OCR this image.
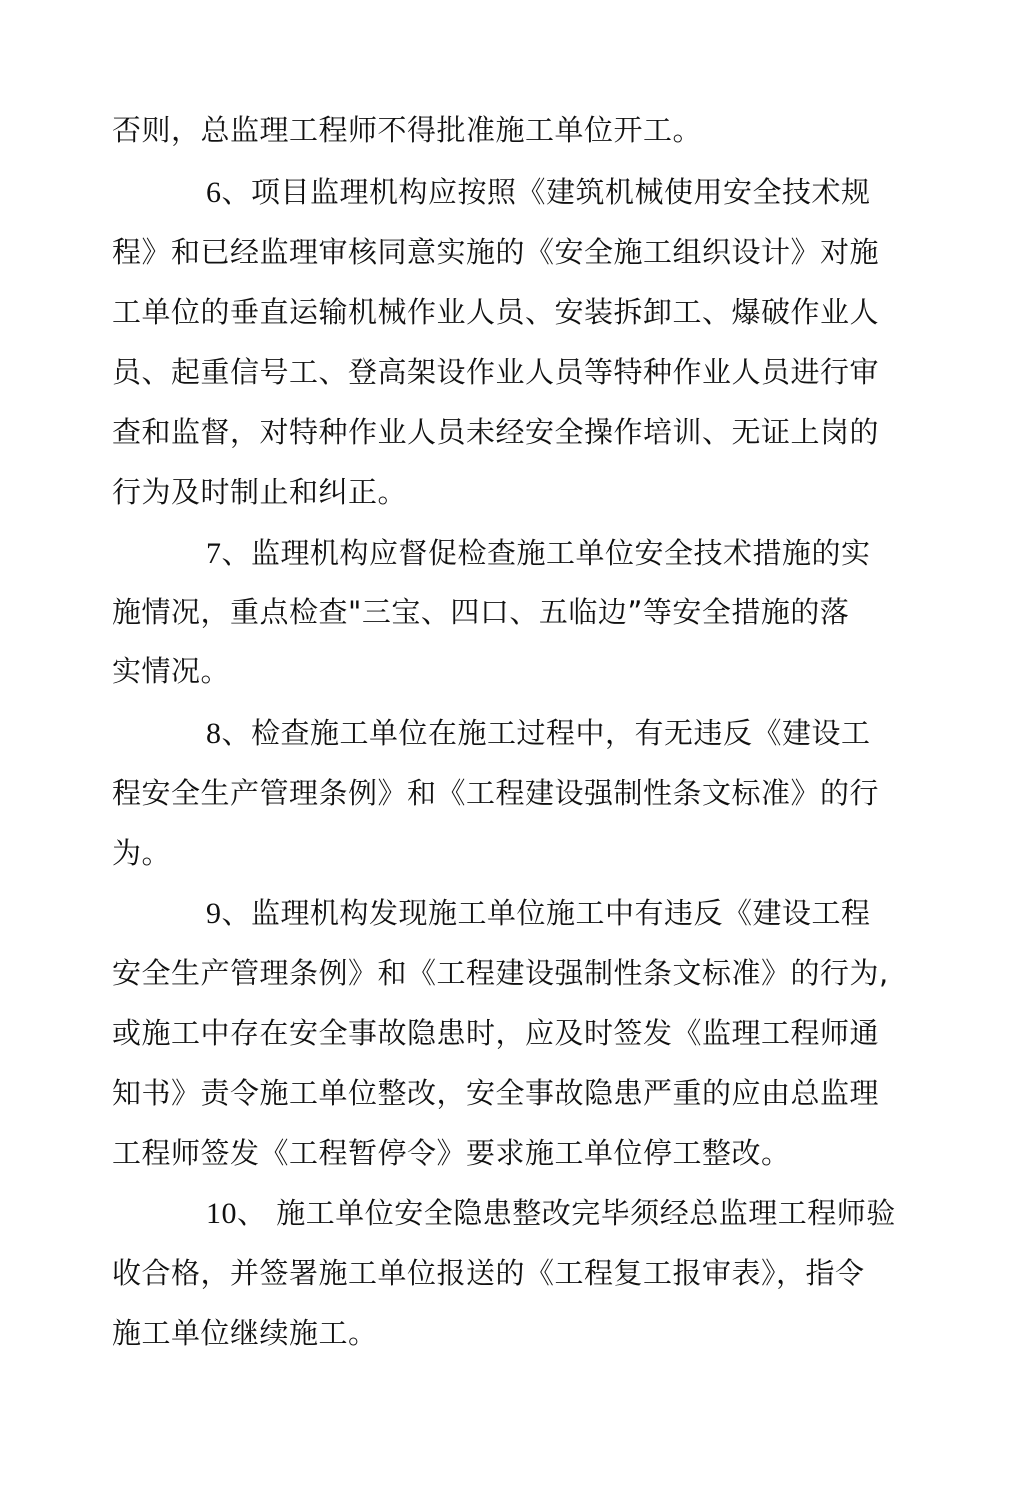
否则，总监理工程师不得批准施工单位开工。
6、项目监理机构应按照《建筑机械使用安全技术规
程》和已经监理审核同意实施的《安全施工组织设计》对施
工单位的垂直运输机械作业人员、安装拆卸工、爆破作业人
员、起重信号工、登高架设作业人员等特种作业人员进行审
查和监督，对特种作业人员未经安全操作培训、无证上岗的
行为及时制止和纠正。
7、监理机构应督促检查施工单位安全技术措施的实
施情况，重点检查"三宝、四口、五临边”等安全措施的落
实情况。
8、检查施工单位在施工过程中，有无违反《建设工
程安全生产管理条例》和《工程建设强制性条文标准》的行
为。
9、监理机构发现施工单位施工中有违反《建设工程
安全生产管理条例》和《工程建设强制性条文标准》的行为,
或施工中存在安全事故隐患时，应及时签发《监理工程师通
知书》责令施工单位整改，安全事故隐患严重的应由总监理
工程师签发《工程暂停令》要求施工单位停工整改。
10、 施工单位安全隐患整改完毕须经总监理工程师验
收合格，并签署施工单位报送的《工程复工报审表》，指令
施工单位继续施工。
